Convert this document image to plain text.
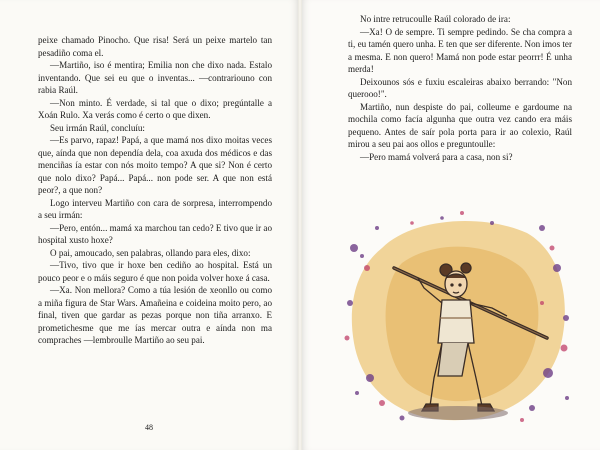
peixe chamado Pinocho. Que risa! Será un peixe martelo tan pesadiño coma el.

—Martiño, iso é mentira; Emilia non che dixo nada. Estalo inventando. Que sei eu que o inventas... —contrariouno con rabia Raúl.

—Non minto. É verdade, si tal que o dixo; pregúntalle a Xoán Rulo. Xa verás como é certo o que dixen.

Seu irmán Raúl, concluíu:

—Es parvo, rapaz! Papá, a que mamá nos dixo moitas veces que, aínda que non dependía dela, coa axuda dos médicos e das menciñas ía estar con nós moito tempo? A que si? Non é certo que nolo dixo? Papá... Papá... non pode ser. A que non está peor?, a que non?

Logo interveu Martiño con cara de sorpresa, interrompendo a seu irmán:

—Pero, entón... mamá xa marchou tan cedo? E tivo que ir ao hospital xusto hoxe?

O pai, amoucado, sen palabras, ollando para eles, dixo:

—Tivo, tivo que ir hoxe ben cediño ao hospital. Está un pouco peor e o máis seguro é que non poida volver hoxe á casa.

—Xa. Non mellora? Como a túa lesión de xeonllo ou como a miña figura de Star Wars. Amañeina e coideina moito pero, ao final, tiven que gardar as pezas porque non tiña arranxo. E prometichesme que me ías mercar outra e aínda non ma compraches —lembroulle Martiño ao seu pai.

48

No intre retrucoulle Raúl colorado de ira:

—Xa! O de sempre. Ti sempre pedindo. Se cha compra a ti, eu tamén quero unha. E ten que ser diferente. Non imos ter a mesma. E non quero! Mamá non pode estar peorrr! É unha merda!

Deixounos sós e fuxiu escaleiras abaixo berrando: "Non querooo!".

Martiño, nun despiste do pai, colleume e gardoume na mochila como facía algunha que outra vez cando era máis pequeno. Antes de saír pola porta para ir ao colexio, Raúl mirou a seu pai aos ollos e preguntoulle:

—Pero mamá volverá para a casa, non si?
